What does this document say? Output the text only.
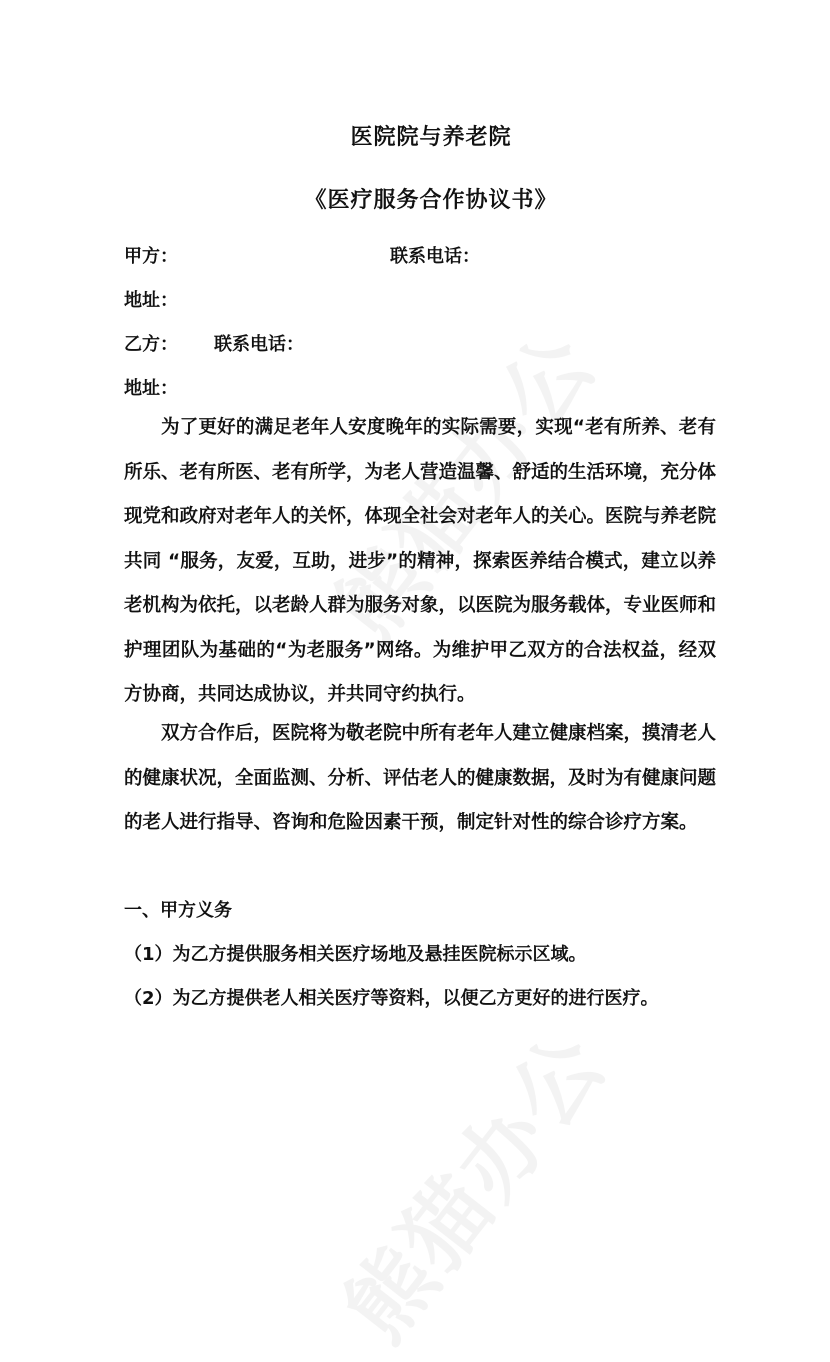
医院院与养老院
《医疗服务合作协议书》
甲方：	联系电话：
地址：
乙方： 联系电话：
地址：
为了更好的满足老年人安度晚年的实际需要，实现“老有所养、老有所乐、老有所医、老有所学，为老人营造温馨、舒适的生活环境，充分体现党和政府对老年人的关怀，体现全社会对老年人的关心。医院与养老院共同 “服务，友爱，互助，进步”的精神，探索医养结合模式，建立以养老机构为依托，以老龄人群为服务对象，以医院为服务载体，专业医师和护理团队为基础的“为老服务”网络。为维护甲乙双方的合法权益，经双方协商，共同达成协议，并共同守约执行。
双方合作后，医院将为敬老院中所有老年人建立健康档案，摸清老人的健康状况，全面监测、分析、评估老人的健康数据，及时为有健康问题的老人进行指导、咨询和危险因素干预，制定针对性的综合诊疗方案。
一、甲方义务
（1）为乙方提供服务相关医疗场地及悬挂医院标示区域。
（2）为乙方提供老人相关医疗等资料，以便乙方更好的进行医疗。
